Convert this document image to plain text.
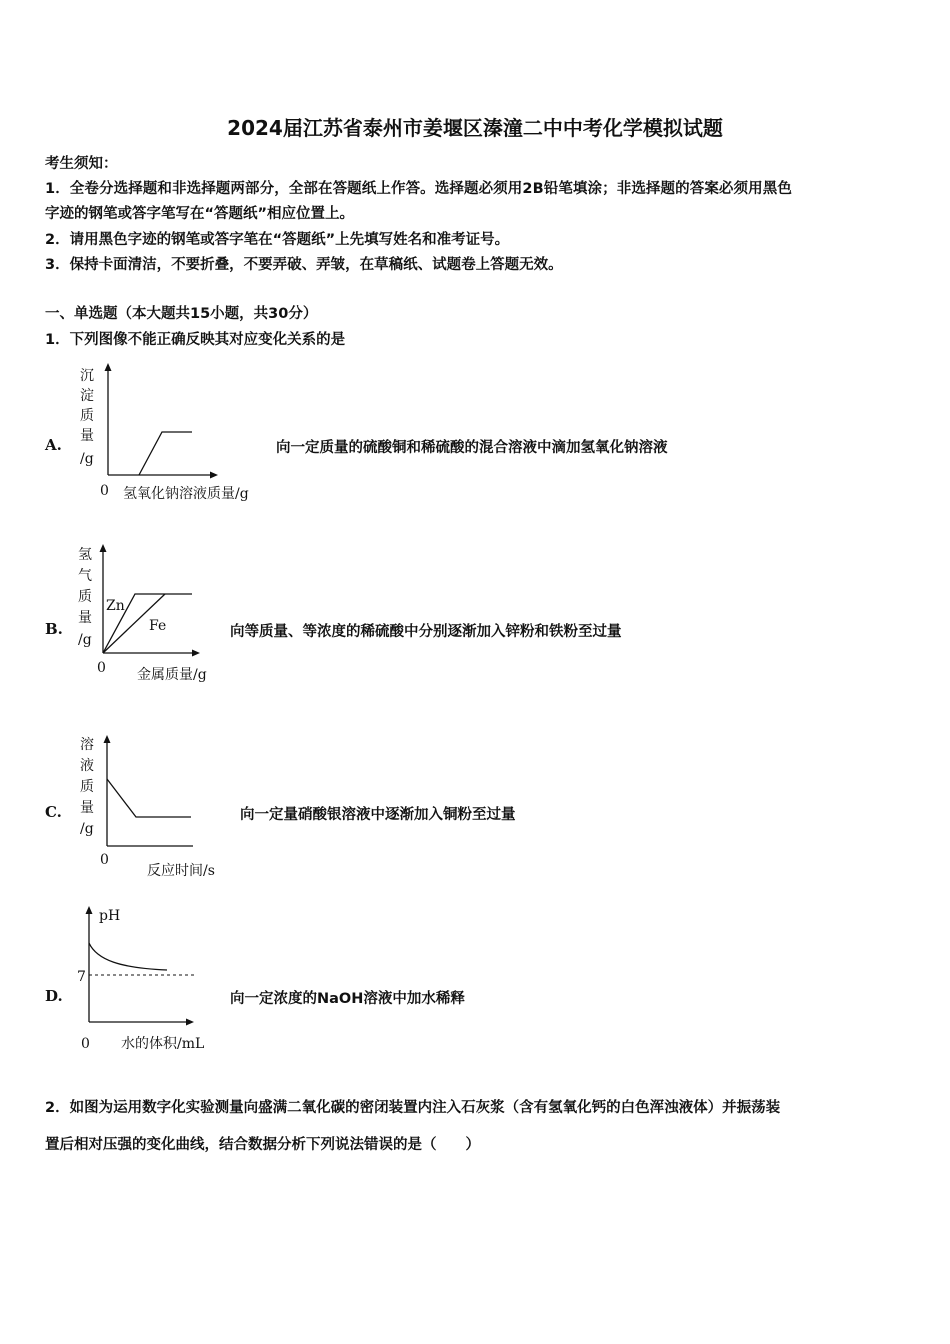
2024届江苏省泰州市姜堰区溱潼二中中考化学模拟试题
考生须知：
1．全卷分选择题和非选择题两部分，全部在答题纸上作答。选择题必须用2B铅笔填涂；非选择题的答案必须用黑色
字迹的钢笔或答字笔写在“答题纸”相应位置上。
2．请用黑色字迹的钢笔或答字笔在“答题纸”上先填写姓名和准考证号。
3．保持卡面清洁，不要折叠，不要弄破、弄皱，在草稿纸、试题卷上答题无效。
一、单选题（本大题共15小题，共30分）
1．下列图像不能正确反映其对应变化关系的是
A.
沉
淀
质
量
/g
0 氢氧化钠溶液质量/g
向一定质量的硫酸铜和稀硫酸的混合溶液中滴加氢氧化钠溶液
B.
Zn
Fe
氢
气
质
量
/g
0 金属质量/g
向等质量、等浓度的稀硫酸中分别逐渐加入锌粉和铁粉至过量
C.
溶
液
质
量
/g
0
反应时间/s
向一定量硝酸银溶液中逐渐加入铜粉至过量
D.
pH
7
0 水的体积/mL
向一定浓度的NaOH溶液中加水稀释
2．如图为运用数字化实验测量向盛满二氧化碳的密闭装置内注入石灰浆（含有氢氧化钙的白色浑浊液体）并振荡装
置后相对压强的变化曲线，结合数据分析下列说法错误的是（　　）
